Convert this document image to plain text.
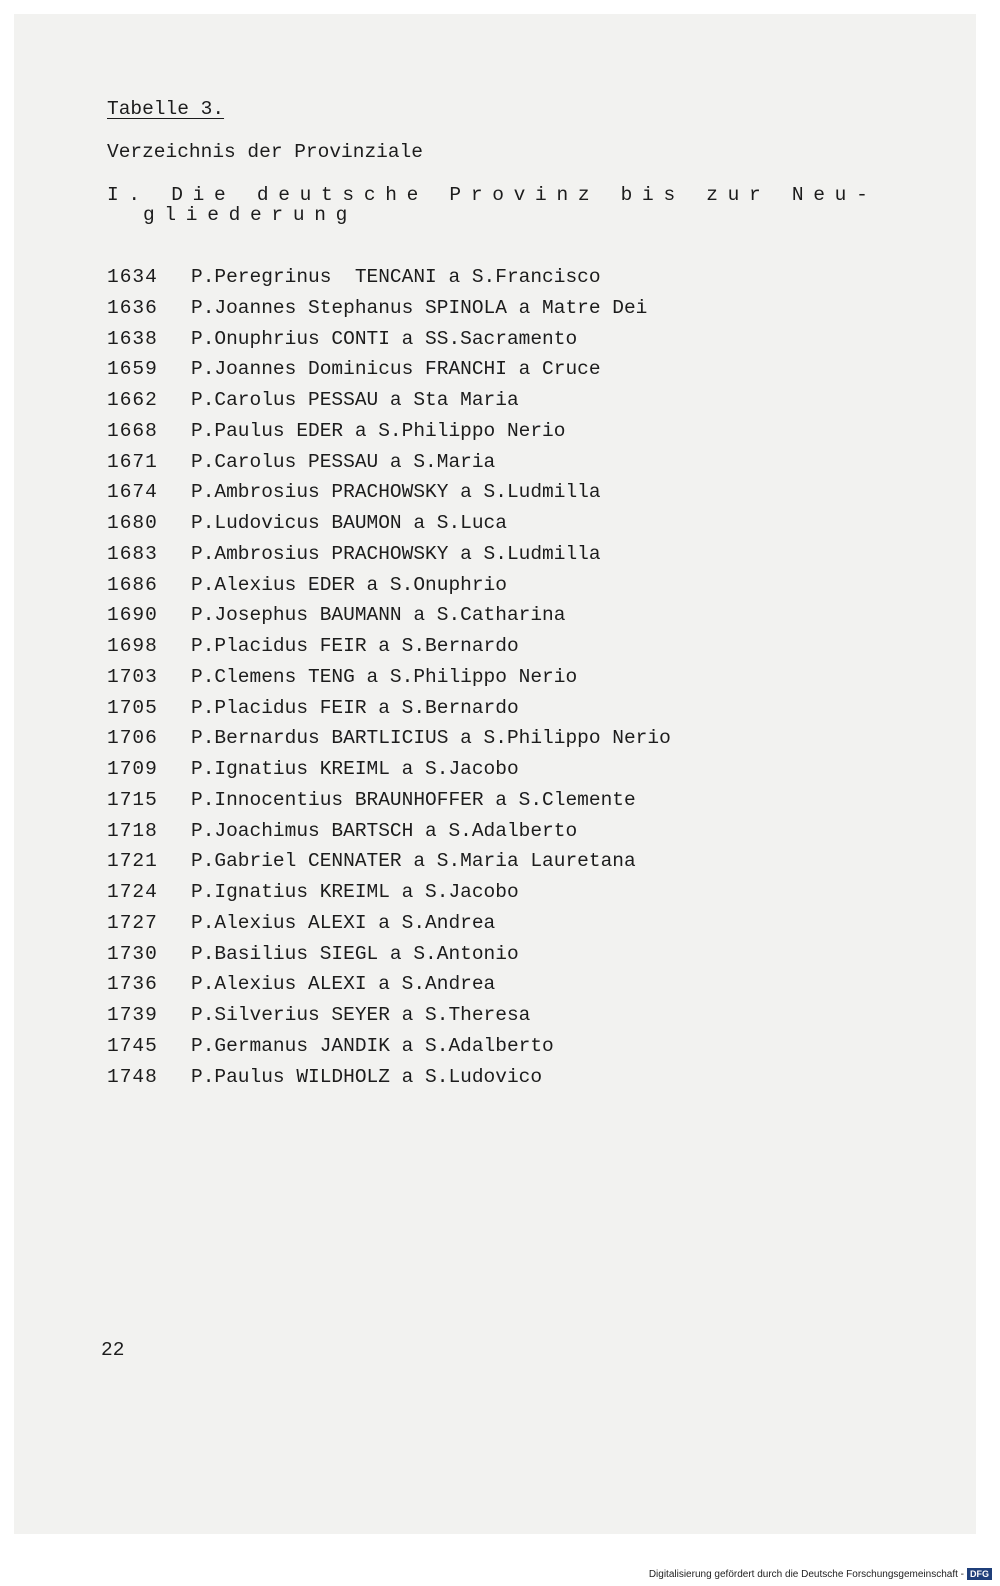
Tabelle 3.
Verzeichnis der Provinziale
I. Die deutsche Provinz bis zur Neu-
gliederung
1634	P.Peregrinus  TENCANI a S.Francisco
1636	P.Joannes Stephanus SPINOLA a Matre Dei
1638	P.Onuphrius CONTI a SS.Sacramento
1659	P.Joannes Dominicus FRANCHI a Cruce
1662	P.Carolus PESSAU a Sta Maria
1668	P.Paulus EDER a S.Philippo Nerio
1671	P.Carolus PESSAU a S.Maria
1674	P.Ambrosius PRACHOWSKY a S.Ludmilla
1680	P.Ludovicus BAUMON a S.Luca
1683	P.Ambrosius PRACHOWSKY a S.Ludmilla
1686	P.Alexius EDER a S.Onuphrio
1690	P.Josephus BAUMANN a S.Catharina
1698	P.Placidus FEIR a S.Bernardo
1703	P.Clemens TENG a S.Philippo Nerio
1705	P.Placidus FEIR a S.Bernardo
1706	P.Bernardus BARTLICIUS a S.Philippo Nerio
1709	P.Ignatius KREIML a S.Jacobo
1715	P.Innocentius BRAUNHOFFER a S.Clemente
1718	P.Joachimus BARTSCH a S.Adalberto
1721	P.Gabriel CENNATER a S.Maria Lauretana
1724	P.Ignatius KREIML a S.Jacobo
1727	P.Alexius ALEXI a S.Andrea
1730	P.Basilius SIEGL a S.Antonio
1736	P.Alexius ALEXI a S.Andrea
1739	P.Silverius SEYER a S.Theresa
1745	P.Germanus JANDIK a S.Adalberto
1748	P.Paulus WILDHOLZ a S.Ludovico
22
Digitalisierung gefördert durch die Deutsche Forschungsgemeinschaft - DFG
